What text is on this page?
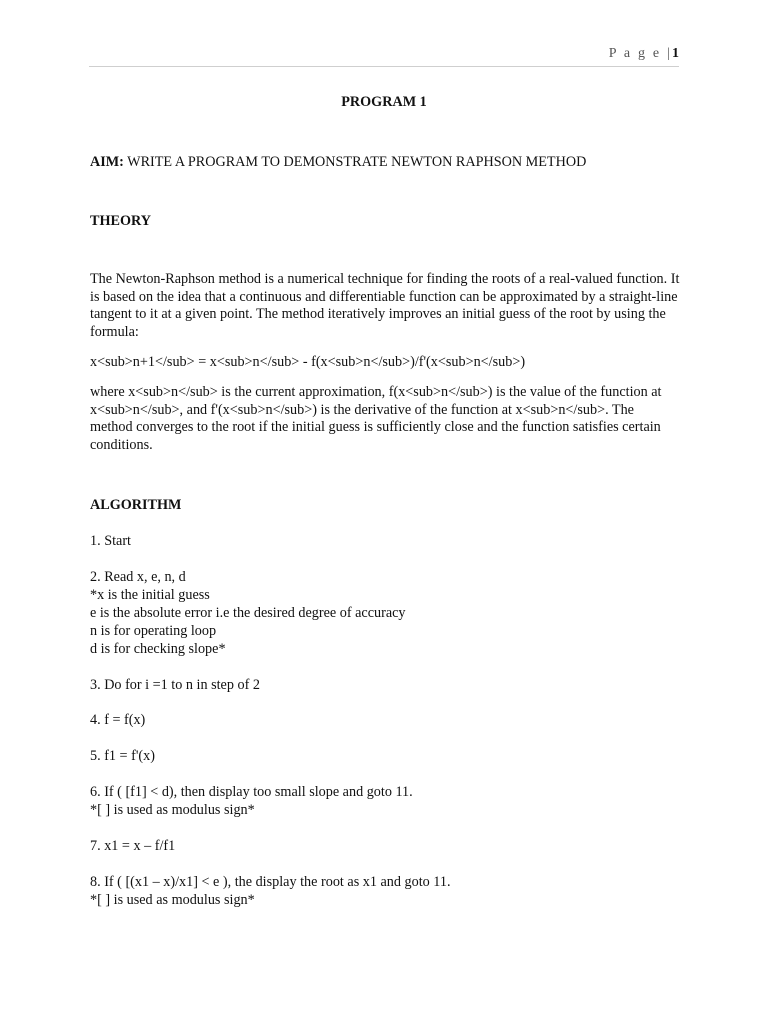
P a g e |1
PROGRAM 1
AIM: WRITE A PROGRAM TO DEMONSTRATE NEWTON RAPHSON METHOD
THEORY
The Newton-Raphson method is a numerical technique for finding the roots of a real-valued function. It is based on the idea that a continuous and differentiable function can be approximated by a straight-line tangent to it at a given point. The method iteratively improves an initial guess of the root by using the formula:
x<sub>n+1</sub> = x<sub>n</sub> - f(x<sub>n</sub>)/f'(x<sub>n</sub>)
where x<sub>n</sub> is the current approximation, f(x<sub>n</sub>) is the value of the function at x<sub>n</sub>, and f'(x<sub>n</sub>) is the derivative of the function at x<sub>n</sub>. The method converges to the root if the initial guess is sufficiently close and the function satisfies certain conditions.
ALGORITHM
1. Start
2. Read x, e, n, d
*x is the initial guess
e is the absolute error i.e the desired degree of accuracy
n is for operating loop
d is for checking slope*
3. Do for i =1 to n in step of 2
4. f = f(x)
5. f1 = f'(x)
6. If ( [f1] < d), then display too small slope and goto 11.
*[ ] is used as modulus sign*
7. x1 = x – f/f1
8. If ( [(x1 – x)/x1] < e ), the display the root as x1 and goto 11.
*[ ] is used as modulus sign*
